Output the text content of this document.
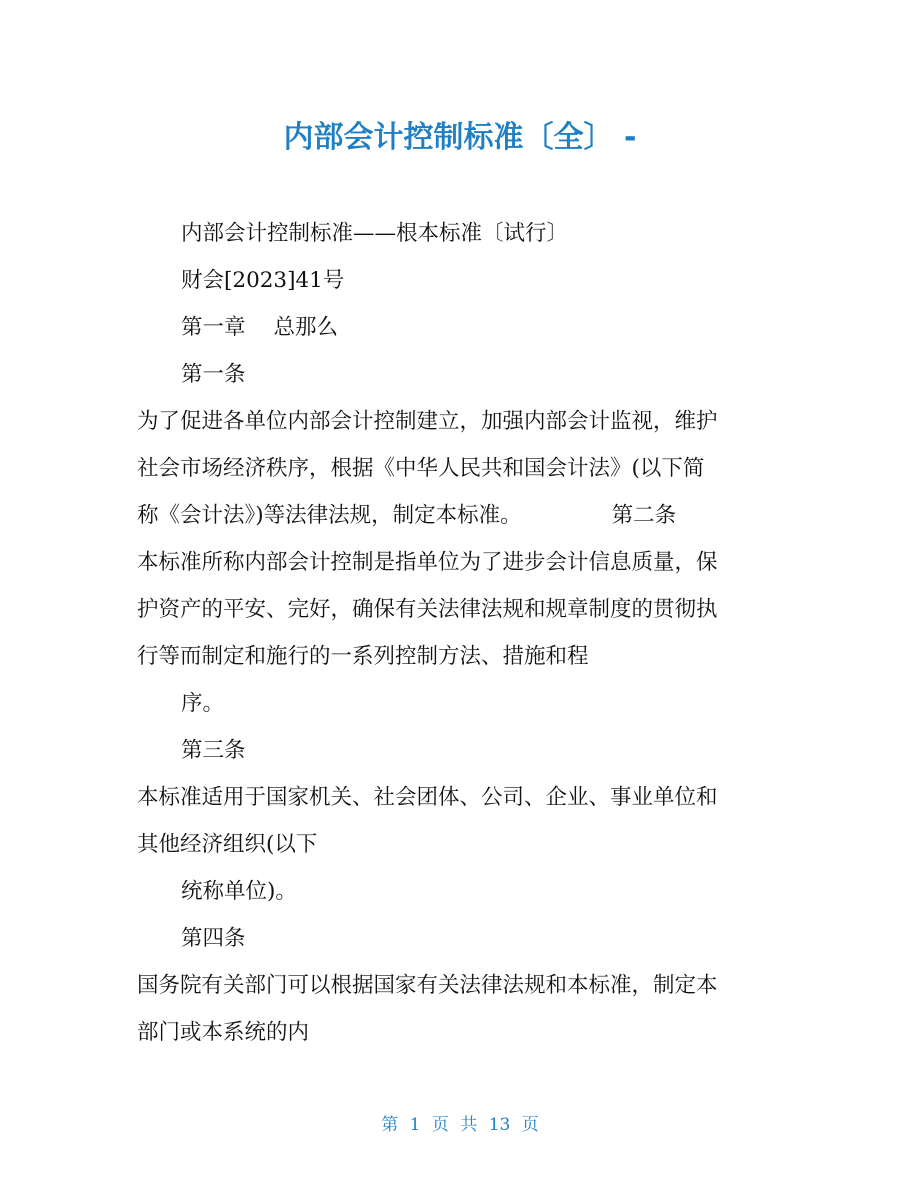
内部会计控制标准〔全〕 -
内部会计控制标准——根本标准〔试行〕
财会[2023]41号
第一章 总那么
第一条
为了促进各单位内部会计控制建立，加强内部会计监视，维护
社会市场经济秩序，根据《中华人民共和国会计法》(以下简
称《会计法》)等法律法规，制定本标准。	第二条
本标准所称内部会计控制是指单位为了进步会计信息质量，保
护资产的平安、完好，确保有关法律法规和规章制度的贯彻执
行等而制定和施行的一系列控制方法、措施和程
序。
第三条
本标准适用于国家机关、社会团体、公司、企业、事业单位和
其他经济组织(以下
统称单位)。
第四条
国务院有关部门可以根据国家有关法律法规和本标准，制定本
部门或本系统的内
第 1 页 共 13 页
